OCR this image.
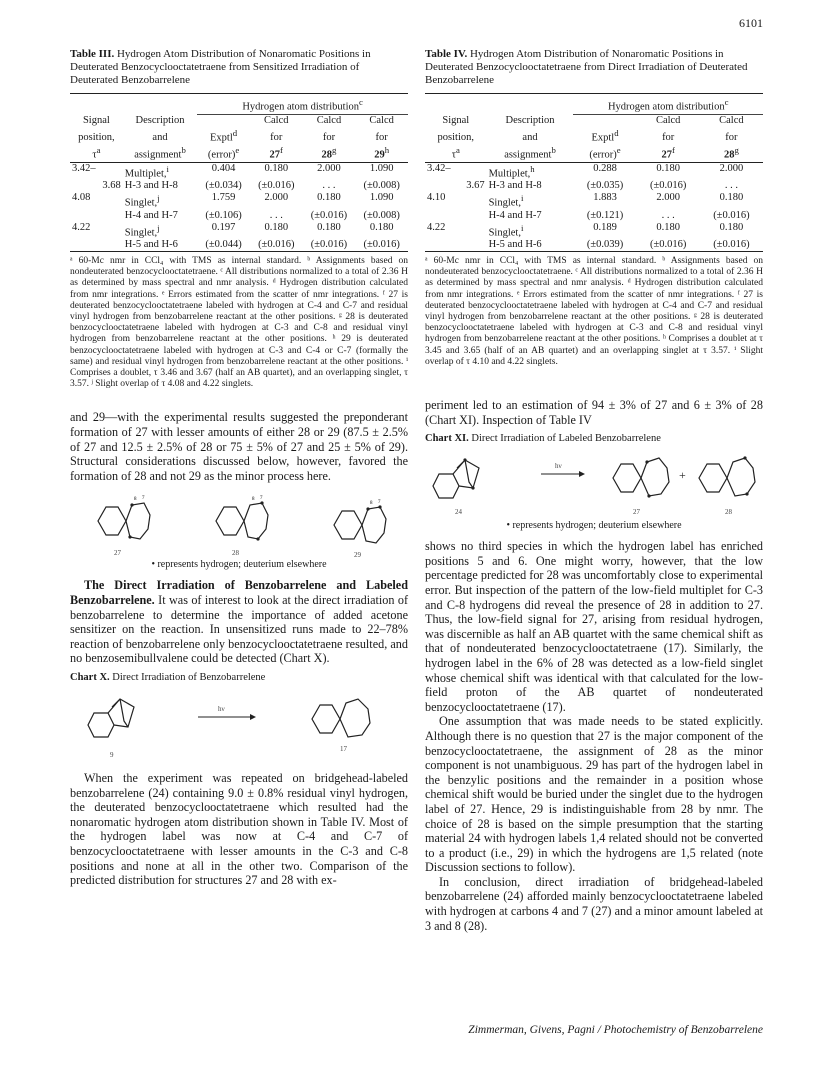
6101
Table III. Hydrogen Atom Distribution of Nonaromatic Positions in Deuterated Benzocyclooctatetraene from Sensitized Irradiation of Deuterated Benzobarrelene
		Hydrogen atom distribution$^c$
Signal	Description		Calcd	Calcd	Calcd
position,	and	Exptl$^d$	for	for	for
$\tau^a$	assignment$^b$	(error)$^e$	27$^f$	28$^g$	29$^h$
3.42–	Multiplet,$^i$	0.404	0.180	2.000	1.090
3.68	H-3 and H-8	(±0.034)	(±0.016)	. . .	(±0.008)
4.08	Singlet,$^j$	1.759	2.000	0.180	1.090
	H-4 and H-7	(±0.106)	. . .	(±0.016)	(±0.008)
4.22	Singlet,$^j$	0.197	0.180	0.180	0.180
	H-5 and H-6	(±0.044)	(±0.016)	(±0.016)	(±0.016)
ᵃ 60-Mc nmr in CCl₄ with TMS as internal standard. ᵇ Assignments based on nondeuterated benzocyclooctatetraene. ᶜ All distributions normalized to a total of 2.36 H as determined by mass spectral and nmr analysis. ᵈ Hydrogen distribution calculated from nmr integrations. ᵉ Errors estimated from the scatter of nmr integrations. ᶠ 27 is deuterated benzocyclooctatetraene labeled with hydrogen at C-4 and C-7 and residual vinyl hydrogen from benzobarrelene reactant at the other positions. ᵍ 28 is deuterated benzocyclooctatetraene labeled with hydrogen at C-3 and C-8 and residual vinyl hydrogen from benzobarrelene reactant at the other positions. ʰ 29 is deuterated benzocyclooctatetraene labeled with hydrogen at C-3 and C-4 or C-7 (formally the same) and residual vinyl hydrogen from benzobarrelene reactant at the other positions. ⁱ Comprises a doublet, τ 3.46 and 3.67 (half an AB quartet), and an overlapping singlet, τ 3.57. ʲ Slight overlap of τ 4.08 and 4.22 singlets.
and 29—with the experimental results suggested the preponderant formation of 27 with lesser amounts of either 28 or 29 (87.5 ± 2.5% of 27 and 12.5 ± 2.5% of 28 or 75 ± 5% of 27 and 25 ± 5% of 29). Structural considerations discussed below, however, favored the formation of 28 and not 29 as the minor process here.
8 7	8 7
8 7
27	28	29
• represents hydrogen; deuterium elsewhere
The Direct Irradiation of Benzobarrelene and Labeled Benzobarrelene. It was of interest to look at the direct irradiation of benzobarrelene to determine the importance of added acetone sensitizer on the reaction. In unsensitized runs made to 22–78% reaction of benzobarrelene only benzocyclooctatetraene resulted, and no benzosemibullvalene could be detected (Chart X).
Chart X. Direct Irradiation of Benzobarrelene
hν
9
17
When the experiment was repeated on bridgehead-labeled benzobarrelene (24) containing 9.0 ± 0.8% residual vinyl hydrogen, the deuterated benzocyclooctatetraene which resulted had the nonaromatic hydrogen atom distribution shown in Table IV. Most of the hydrogen label was now at C-4 and C-7 of benzocyclooctatetraene with lesser amounts in the C-3 and C-8 positions and none at all in the other two. Comparison of the predicted distribution for structures 27 and 28 with ex-
Table IV. Hydrogen Atom Distribution of Nonaromatic Positions in Deuterated Benzocyclooctatetraene from Direct Irradiation of Deuterated Benzobarrelene
		Hydrogen atom distribution$^c$
Signal	Description		Calcd	Calcd
position,	and	Exptl$^d$	for	for
$\tau^a$	assignment$^b$	(error)$^e$	27$^f$	28$^g$
3.42–	Multiplet,$^h$	0.288	0.180	2.000
3.67	H-3 and H-8	(±0.035)	(±0.016)	. . .
4.10	Singlet,$^i$	1.883	2.000	0.180
	H-4 and H-7	(±0.121)	. . .	(±0.016)
4.22	Singlet,$^i$	0.189	0.180	0.180
	H-5 and H-6	(±0.039)	(±0.016)	(±0.016)
ᵃ 60-Mc nmr in CCl₄ with TMS as internal standard. ᵇ Assignments based on nondeuterated benzocyclooctatetraene. ᶜ All distributions normalized to a total of 2.36 H as determined by mass spectral and nmr analysis. ᵈ Hydrogen distribution calculated from nmr integrations. ᵉ Errors estimated from the scatter of nmr integrations. ᶠ 27 is deuterated benzocyclooctatetraene labeled with hydrogen at C-4 and C-7 and residual vinyl hydrogen from benzobarrelene reactant at the other positions. ᵍ 28 is deuterated benzocyclooctatetraene labeled with hydrogen at C-3 and C-8 and residual vinyl hydrogen from benzobarrelene reactant at the other positions. ʰ Comprises a doublet at τ 3.45 and 3.65 (half of an AB quartet) and an overlapping singlet at τ 3.57. ⁱ Slight overlap of τ 4.10 and 4.22 singlets.
periment led to an estimation of 94 ± 3% of 27 and 6 ± 3% of 28 (Chart XI). Inspection of Table IV
Chart XI. Direct Irradiation of Labeled Benzobarrelene
hν
+
24	27	28
• represents hydrogen; deuterium elsewhere
shows no third species in which the hydrogen label has enriched positions 5 and 6. One might worry, however, that the low percentage predicted for 28 was uncomfortably close to experimental error. But inspection of the pattern of the low-field multiplet for C-3 and C-8 hydrogens did reveal the presence of 28 in addition to 27. Thus, the low-field signal for 27, arising from residual hydrogen, was discernible as half an AB quartet with the same chemical shift as that of nondeuterated benzocyclooctatetraene (17). Similarly, the hydrogen label in the 6% of 28 was detected as a low-field singlet whose chemical shift was identical with that calculated for the low-field proton of the AB quartet of nondeuterated benzocyclooctatetraene (17).
One assumption that was made needs to be stated explicitly. Although there is no question that 27 is the major component of the benzocyclooctatetraene, the assignment of 28 as the minor component is not unambiguous. 29 has part of the hydrogen label in the benzylic positions and the remainder in a position whose chemical shift would be buried under the singlet due to the hydrogen label of 27. Hence, 29 is indistinguishable from 28 by nmr. The choice of 28 is based on the simple presumption that the starting material 24 with hydrogen labels 1,4 related should not be converted to a product (i.e., 29) in which the hydrogens are 1,5 related (note Discussion sections to follow).
In conclusion, direct irradiation of bridgehead-labeled benzobarrelene (24) afforded mainly benzocyclooctatetraene labeled with hydrogen at carbons 4 and 7 (27) and a minor amount labeled at 3 and 8 (28).
Zimmerman, Givens, Pagni / Photochemistry of Benzobarrelene
